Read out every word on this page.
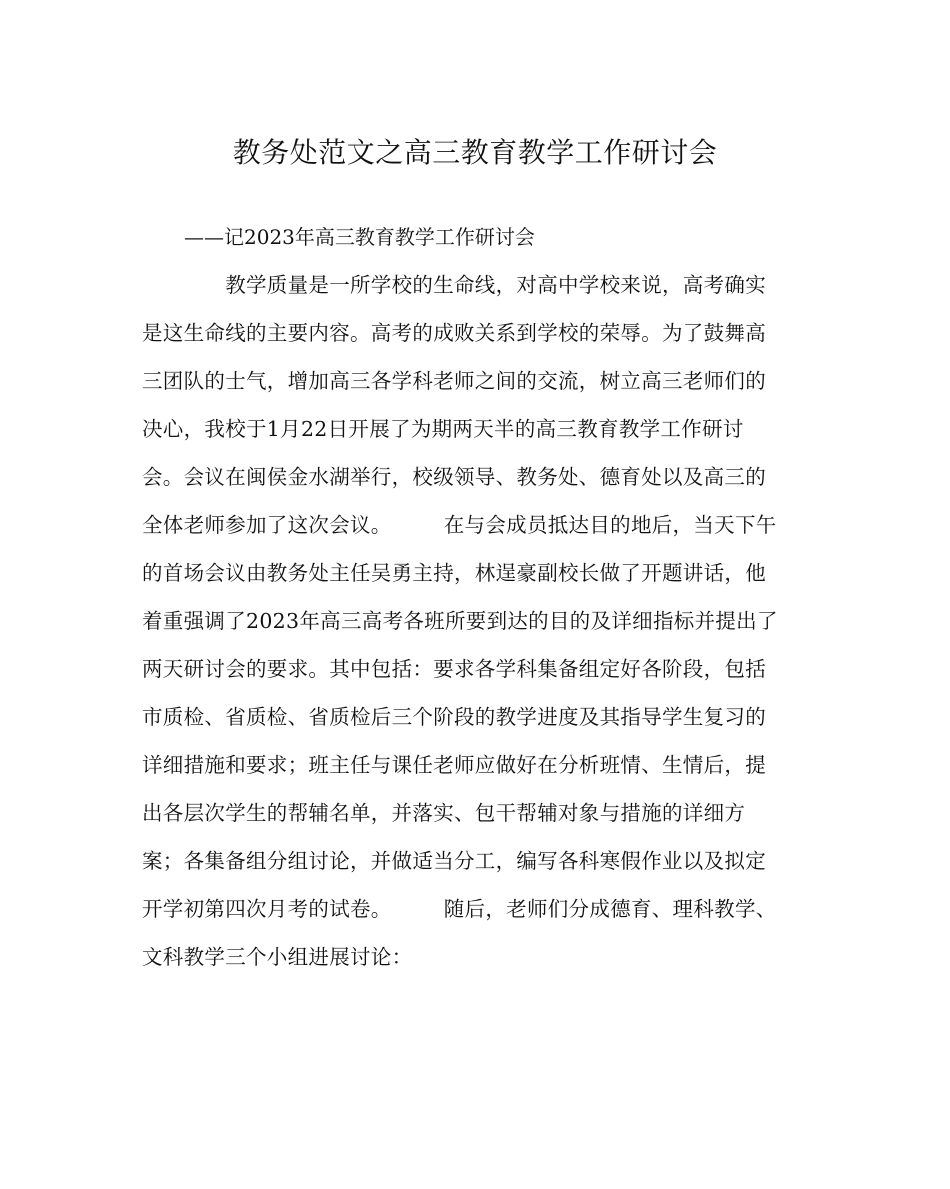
教务处范文之高三教育教学工作研讨会
——记2023年高三教育教学工作研讨会
　　　　教学质量是一所学校的生命线，对高中学校来说，高考确实
是这生命线的主要内容。高考的成败关系到学校的荣辱。为了鼓舞高
三团队的士气，增加高三各学科老师之间的交流，树立高三老师们的
决心，我校于1月22日开展了为期两天半的高三教育教学工作研讨
会。会议在闽侯金水湖举行，校级领导、教务处、德育处以及高三的
全体老师参加了这次会议。　　　在与会成员抵达目的地后，当天下午
的首场会议由教务处主任吴勇主持，林逞豪副校长做了开题讲话，他
着重强调了2023年高三高考各班所要到达的目的及详细指标并提出了
两天研讨会的要求。其中包括：要求各学科集备组定好各阶段，包括
市质检、省质检、省质检后三个阶段的教学进度及其指导学生复习的
详细措施和要求；班主任与课任老师应做好在分析班情、生情后，提
出各层次学生的帮辅名单，并落实、包干帮辅对象与措施的详细方
案；各集备组分组讨论，并做适当分工，编写各科寒假作业以及拟定
开学初第四次月考的试卷。　　　随后，老师们分成德育、理科教学、
文科教学三个小组进展讨论：
